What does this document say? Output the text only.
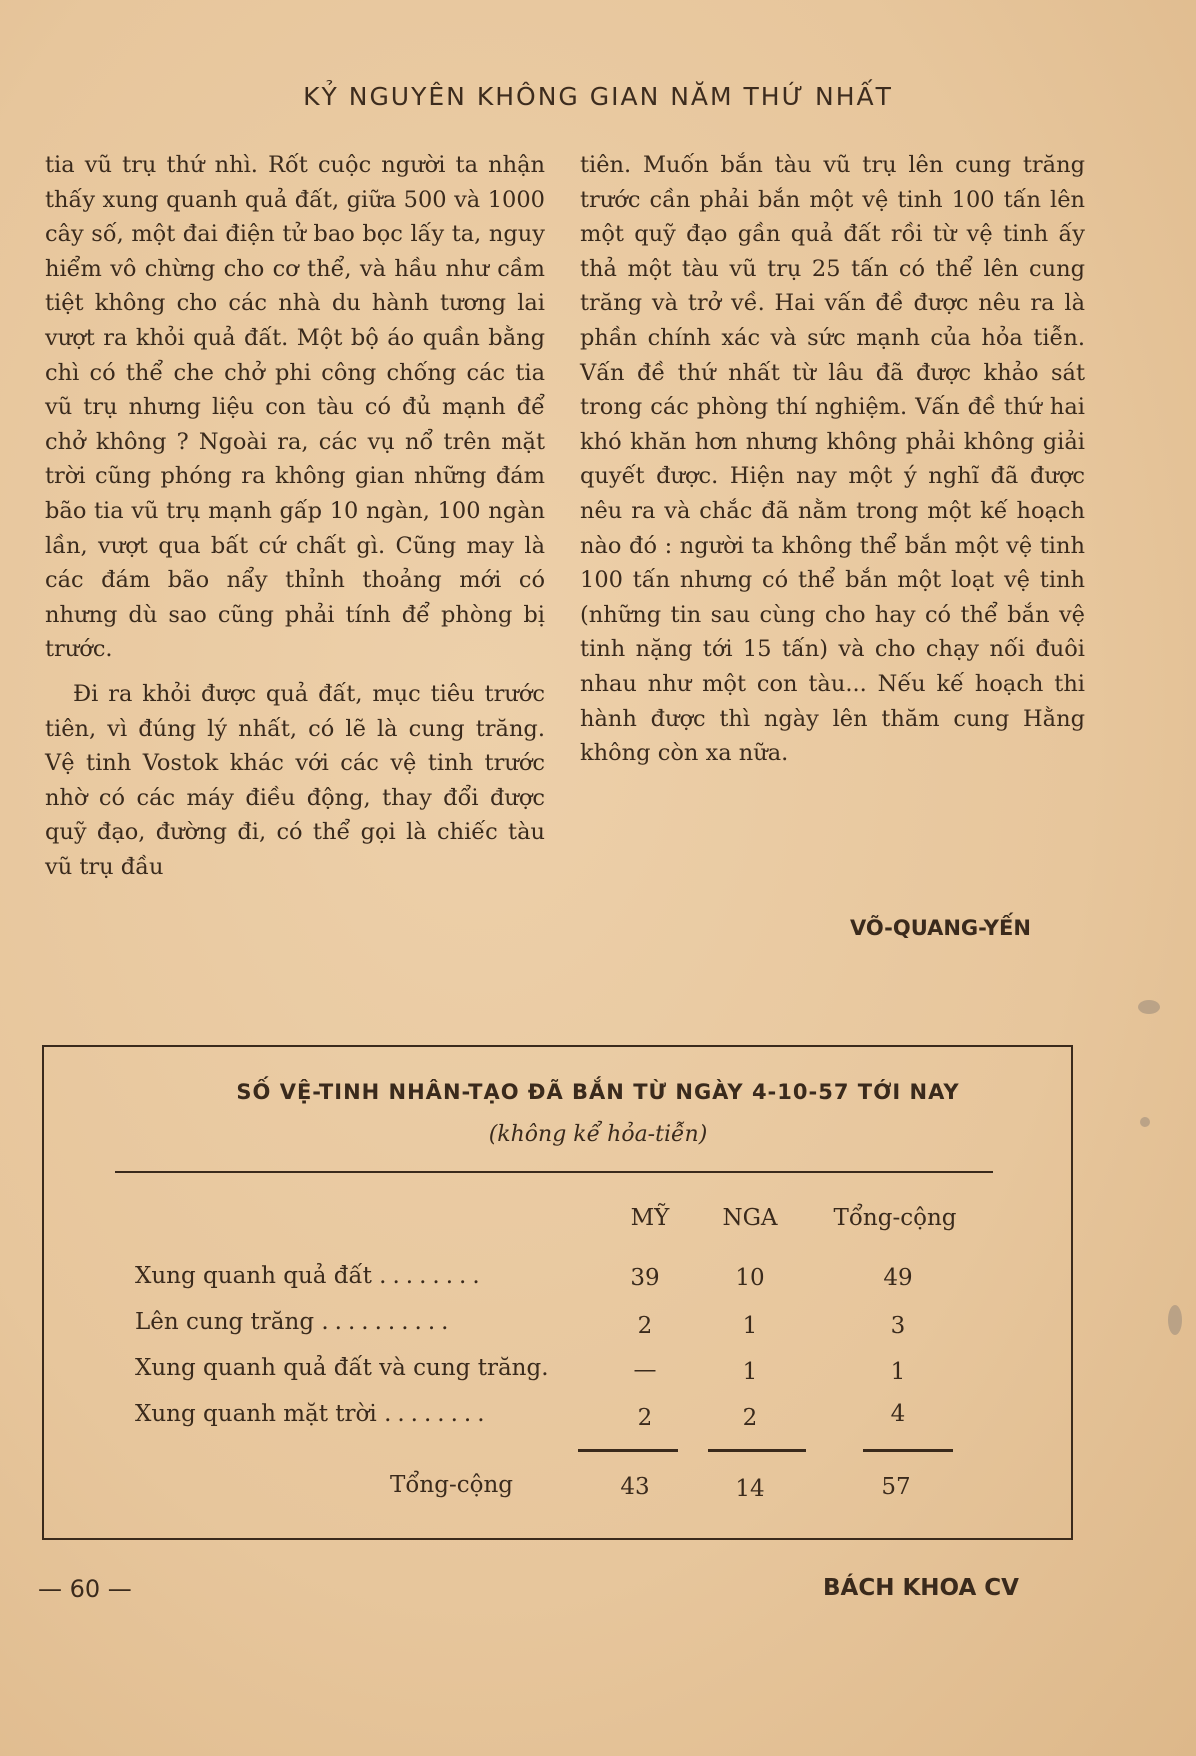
KỶ NGUYÊN KHÔNG GIAN NĂM THỨ NHẤT

tia vũ trụ thứ nhì. Rốt cuộc người ta nhận thấy xung quanh quả đất, giữa 500 và 1000 cây số, một đai điện tử bao bọc lấy ta, nguy hiểm vô chừng cho cơ thể, và hầu như cầm tiệt không cho các nhà du hành tương lai vượt ra khỏi quả đất. Một bộ áo quần bằng chì có thể che chở phi công chống các tia vũ trụ nhưng liệu con tàu có đủ mạnh để chở không ? Ngoài ra, các vụ nổ trên mặt trời cũng phóng ra không gian những đám bão tia vũ trụ mạnh gấp 10 ngàn, 100 ngàn lần, vượt qua bất cứ chất gì. Cũng may là các đám bão nẩy thỉnh thoảng mới có nhưng dù sao cũng phải tính để phòng bị trước.

Đi ra khỏi được quả đất, mục tiêu trước tiên, vì đúng lý nhất, có lẽ là cung trăng. Vệ tinh Vostok khác với các vệ tinh trước nhờ có các máy điều động, thay đổi được quỹ đạo, đường đi, có thể gọi là chiếc tàu vũ trụ đầu

tiên. Muốn bắn tàu vũ trụ lên cung trăng trước cần phải bắn một vệ tinh 100 tấn lên một quỹ đạo gần quả đất rồi từ vệ tinh ấy thả một tàu vũ trụ 25 tấn có thể lên cung trăng và trở về. Hai vấn đề được nêu ra là phần chính xác và sức mạnh của hỏa tiễn. Vấn đề thứ nhất từ lâu đã được khảo sát trong các phòng thí nghiệm. Vấn đề thứ hai khó khăn hơn nhưng không phải không giải quyết được. Hiện nay một ý nghĩ đã được nêu ra và chắc đã nằm trong một kế hoạch nào đó : người ta không thể bắn một vệ tinh 100 tấn nhưng có thể bắn một loạt vệ tinh (những tin sau cùng cho hay có thể bắn vệ tinh nặng tới 15 tấn) và cho chạy nối đuôi nhau như một con tàu... Nếu kế hoạch thi hành được thì ngày lên thăm cung Hằng không còn xa nữa.

VÕ-QUANG-YẾN
SỐ VỆ-TINH NHÂN-TẠO ĐÃ BẮN TỪ NGÀY 4-10-57 TỚI NAY
(không kể hỏa-tiễn)
MỸ	NGA	Tổng-cộng
Xung quanh quả đất ........	39	10	49
Lên cung trăng ..........	2	1	3
Xung quanh quả đất và cung trăng.	—	1	1
Xung quanh mặt trời ........	2	2	4
Tổng-cộng	43	14	57
— 60 —	BÁCH KHOA CV
